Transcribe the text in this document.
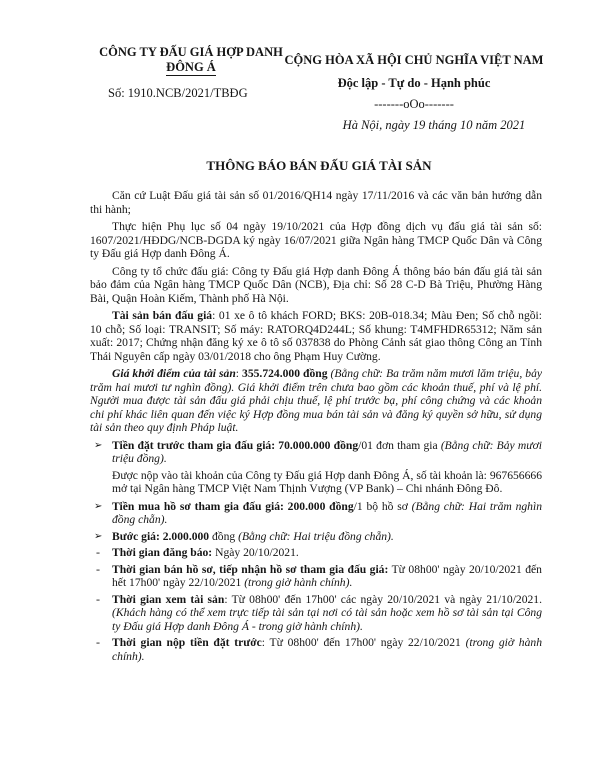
CÔNG TY ĐẤU GIÁ HỢP DANH
ĐÔNG Á
Số: 1910.NCB/2021/TBĐG
CỘNG HÒA XÃ HỘI CHỦ NGHĨA VIỆT NAM
Độc lập - Tự do - Hạnh phúc
-------oOo-------
Hà Nội, ngày 19 tháng 10 năm 2021
THÔNG BÁO BÁN ĐẤU GIÁ TÀI SẢN

Căn cứ Luật Đấu giá tài sản số 01/2016/QH14 ngày 17/11/2016 và các văn bản hướng dẫn thi hành;

Thực hiện Phụ lục số 04 ngày 19/10/2021 của Hợp đồng dịch vụ đấu giá tài sản số: 1607/2021/HĐDG/NCB-DGDA ký ngày 16/07/2021 giữa Ngân hàng TMCP Quốc Dân và Công ty Đấu giá Hợp danh Đông Á.

Công ty tổ chức đấu giá: Công ty Đấu giá Hợp danh Đông Á thông báo bán đấu giá tài sản bảo đảm của Ngân hàng TMCP Quốc Dân (NCB), Địa chỉ: Số 28 C-D Bà Triệu, Phường Hàng Bài, Quận Hoàn Kiếm, Thành phố Hà Nội.

Tài sản bán đấu giá: 01 xe ô tô khách FORD; BKS: 20B-018.34; Màu Đen; Số chỗ ngồi: 10 chỗ; Số loại: TRANSIT; Số máy: RATORQ4D244L; Số khung: T4MFHDR65312; Năm sản xuất: 2017; Chứng nhận đăng ký xe ô tô số 037838 do Phòng Cảnh sát giao thông Công an Tỉnh Thái Nguyên cấp ngày 03/01/2018 cho ông Phạm Huy Cường.

Giá khởi điểm của tài sản: 355.724.000 đồng (Bằng chữ: Ba trăm năm mươi lăm triệu, bảy trăm hai mươi tư nghìn đồng). Giá khởi điểm trên chưa bao gồm các khoản thuế, phí và lệ phí. Người mua được tài sản đấu giá phải chịu thuế, lệ phí trước bạ, phí công chứng và các khoản chi phí khác liên quan đến việc ký Hợp đồng mua bán tài sản và đăng ký quyền sở hữu, sử dụng tài sản theo quy định Pháp luật.

➢ Tiền đặt trước tham gia đấu giá: 70.000.000 đồng/01 đơn tham gia (Bằng chữ: Bảy mươi triệu đồng).
Được nộp vào tài khoản của Công ty Đấu giá Hợp danh Đông Á, số tài khoản là: 967656666 mở tại Ngân hàng TMCP Việt Nam Thịnh Vượng (VP Bank) – Chi nhánh Đông Đô.
➢ Tiền mua hồ sơ tham gia đấu giá: 200.000 đồng/1 bộ hồ sơ (Bằng chữ: Hai trăm nghìn đồng chẵn).
➢ Bước giá: 2.000.000 đồng (Bằng chữ: Hai triệu đồng chẵn).
-	Thời gian đăng báo: Ngày 20/10/2021.
-	Thời gian bán hồ sơ, tiếp nhận hồ sơ tham gia đấu giá: Từ 08h00' ngày 20/10/2021 đến hết 17h00' ngày 22/10/2021 (trong giờ hành chính).
-	Thời gian xem tài sản: Từ 08h00' đến 17h00' các ngày 20/10/2021 và ngày 21/10/2021. (Khách hàng có thể xem trực tiếp tài sản tại nơi có tài sản hoặc xem hồ sơ tài sản tại Công ty Đấu giá Hợp danh Đông Á - trong giờ hành chính).
-	Thời gian nộp tiền đặt trước: Từ 08h00' đến 17h00' ngày 22/10/2021 (trong giờ hành chính).
